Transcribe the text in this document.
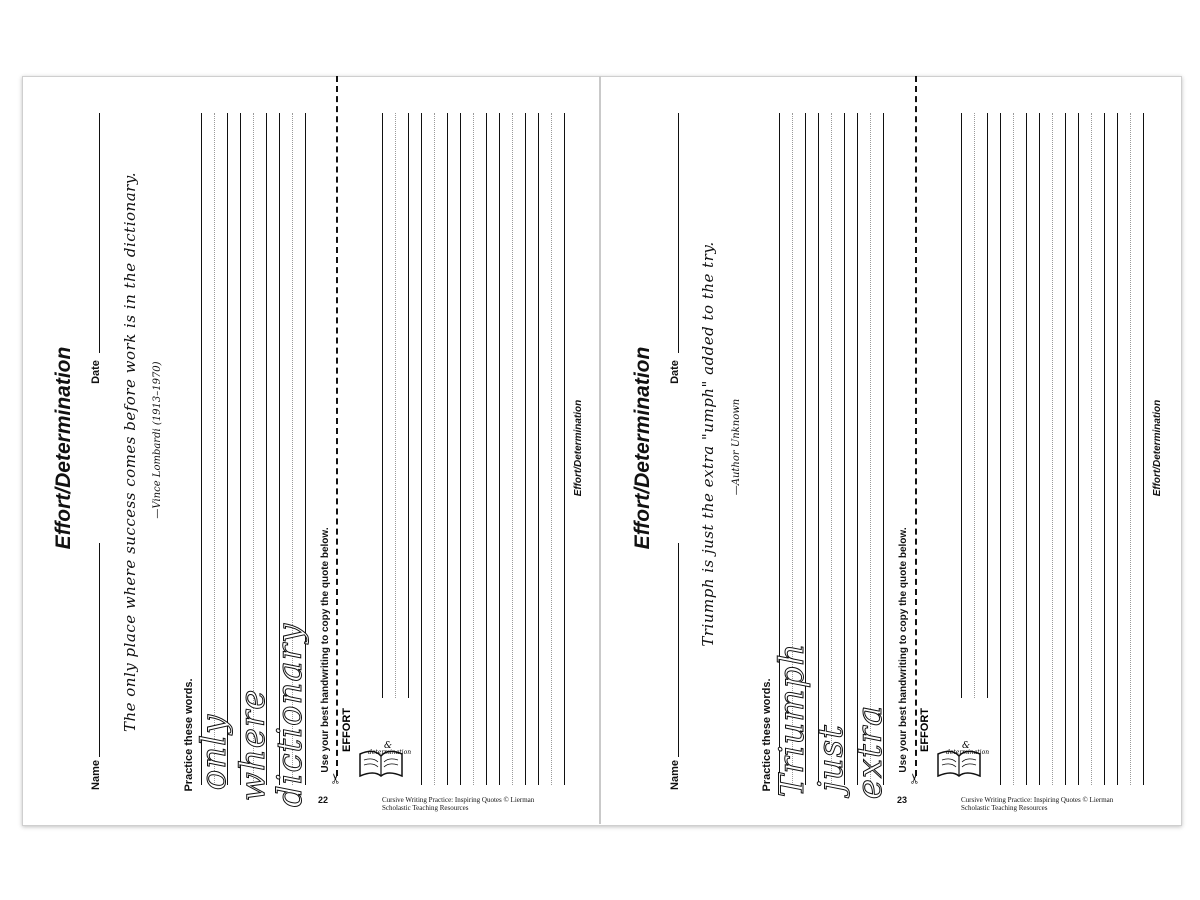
Effort/Determination
Name
Date The only place where success comes before work is in the dictionary. —Vince Lombardi (1913–1970)
Practice these words. only where
dictionary 22
✂
Use your best handwriting to copy the quote below. EFFORT	&
determination
Effort/Determination
Cursive Writing Practice: Inspiring Quotes © Lierman
Scholastic Teaching Resources
Effort/Determination
Name
Date Triumph is just the extra "umph" added to the try. —Author Unknown
Practice these words. Triumph just extra
23
✂
Use your best handwriting to copy the quote below. EFFORT	&
determination
Effort/Determination
Cursive Writing Practice: Inspiring Quotes © Lierman
Scholastic Teaching Resources
